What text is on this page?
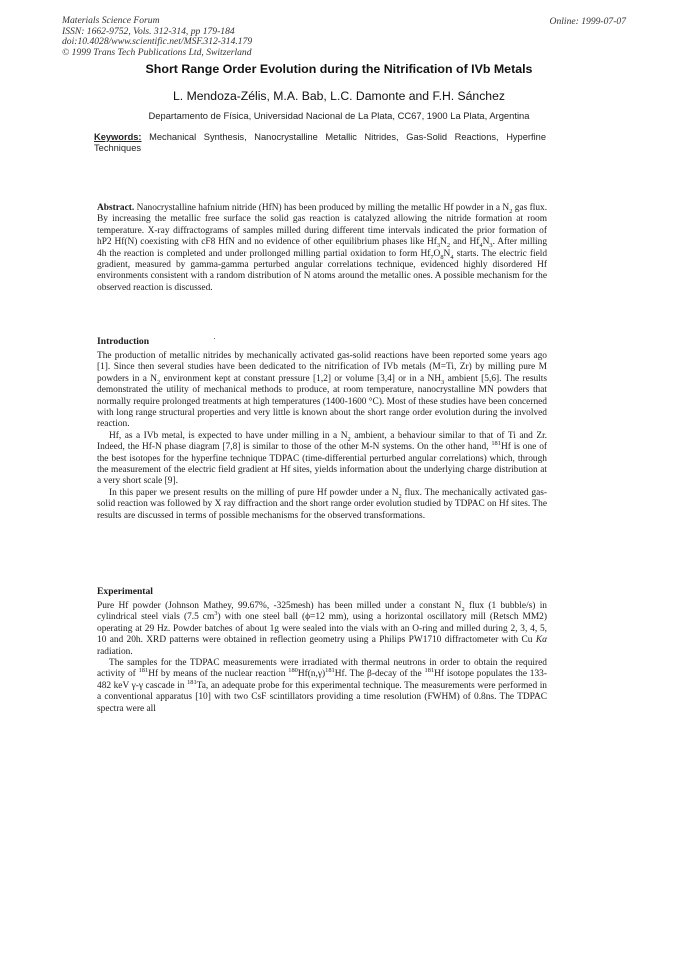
Materials Science Forum
ISSN: 1662-9752, Vols. 312-314, pp 179-184
doi:10.4028/www.scientific.net/MSF.312-314.179
© 1999 Trans Tech Publications Ltd, Switzerland
Online: 1999-07-07
Short Range Order Evolution during the Nitrification of IVb Metals
L. Mendoza-Zélis, M.A. Bab, L.C. Damonte and F.H. Sánchez
Departamento de Física, Universidad Nacional de La Plata, CC67, 1900 La Plata, Argentina
Keywords: Mechanical Synthesis, Nanocrystalline Metallic Nitrides, Gas-Solid Reactions, Hyperfine Techniques

Abstract. Nanocrystalline hafnium nitride (HfN) has been produced by milling the metallic Hf powder in a $N_2$ gas flux. By increasing the metallic free surface the solid gas reaction is catalyzed allowing the nitride formation at room temperature. X-ray diffractograms of samples milled during different time intervals indicated the prior formation of hP2 Hf(N) coexisting with cF8 HfN and no evidence of other equilibrium phases like $Hf_3N_2$ and $Hf_4N_3$. After milling 4h the reaction is completed and under prollonged milling partial oxidation to form $Hf_7O_8N_4$ starts. The electric field gradient, measured by gamma-gamma perturbed angular correlations technique, evidenced highly disordered Hf environments consistent with a random distribution of N atoms around the metallic ones. A possible mechanism for the observed reaction is discussed.

Introduction

The production of metallic nitrides by mechanically activated gas-solid reactions have been reported some years ago [1]. Since then several studies have been dedicated to the nitrification of IVb metals (M=Ti, Zr) by milling pure M powders in a $N_2$ environment kept at constant pressure [1,2] or volume [3,4] or in a $NH_3$ ambient [5,6]. The results demonstrated the utility of mechanical methods to produce, at room temperature, nanocrystalline MN powders that normally require prolonged treatments at high temperatures (1400-1600 °C). Most of these studies have been concerned with long range structural properties and very little is known about the short range order evolution during the involved reaction.

Hf, as a IVb metal, is expected to have under milling in a $N_2$ ambient, a behaviour similar to that of Ti and Zr. Indeed, the Hf-N phase diagram [7,8] is similar to those of the other M-N systems. On the other hand, $^{181}$Hf is one of the best isotopes for the hyperfine technique TDPAC (time-differential perturbed angular correlations) which, through the measurement of the electric field gradient at Hf sites, yields information about the underlying charge distribution at a very short scale [9].

In this paper we present results on the milling of pure Hf powder under a $N_2$ flux. The mechanically activated gas-solid reaction was followed by X ray diffraction and the short range order evolution studied by TDPAC on Hf sites. The results are discussed in terms of possible mechanisms for the observed transformations.

Experimental

Pure Hf powder (Johnson Mathey, 99.67%, -325mesh) has been milled under a constant $N_2$ flux (1 bubble/s) in cylindrical steel vials (7.5 $cm^3$) with one steel ball (ϕ=12 mm), using a horizontal oscillatory mill (Retsch MM2) operating at 29 Hz. Powder batches of about 1g were sealed into the vials with an O-ring and milled during 2, 3, 4, 5, 10 and 20h. XRD patterns were obtained in reflection geometry using a Philips PW1710 diffractometer with Cu Kα radiation.

The samples for the TDPAC measurements were irradiated with thermal neutrons in order to obtain the required activity of $^{181}$Hf by means of the nuclear reaction $^{180}Hf(n,\gamma)^{181}Hf$. The β-decay of the $^{181}$Hf isotope populates the 133-482 keV γ-γ cascade in $^{181}$Ta, an adequate probe for this experimental technique. The measurements were performed in a conventional apparatus [10] with two CsF scintillators providing a time resolution (FWHM) of 0.8ns. The TDPAC spectra were all
